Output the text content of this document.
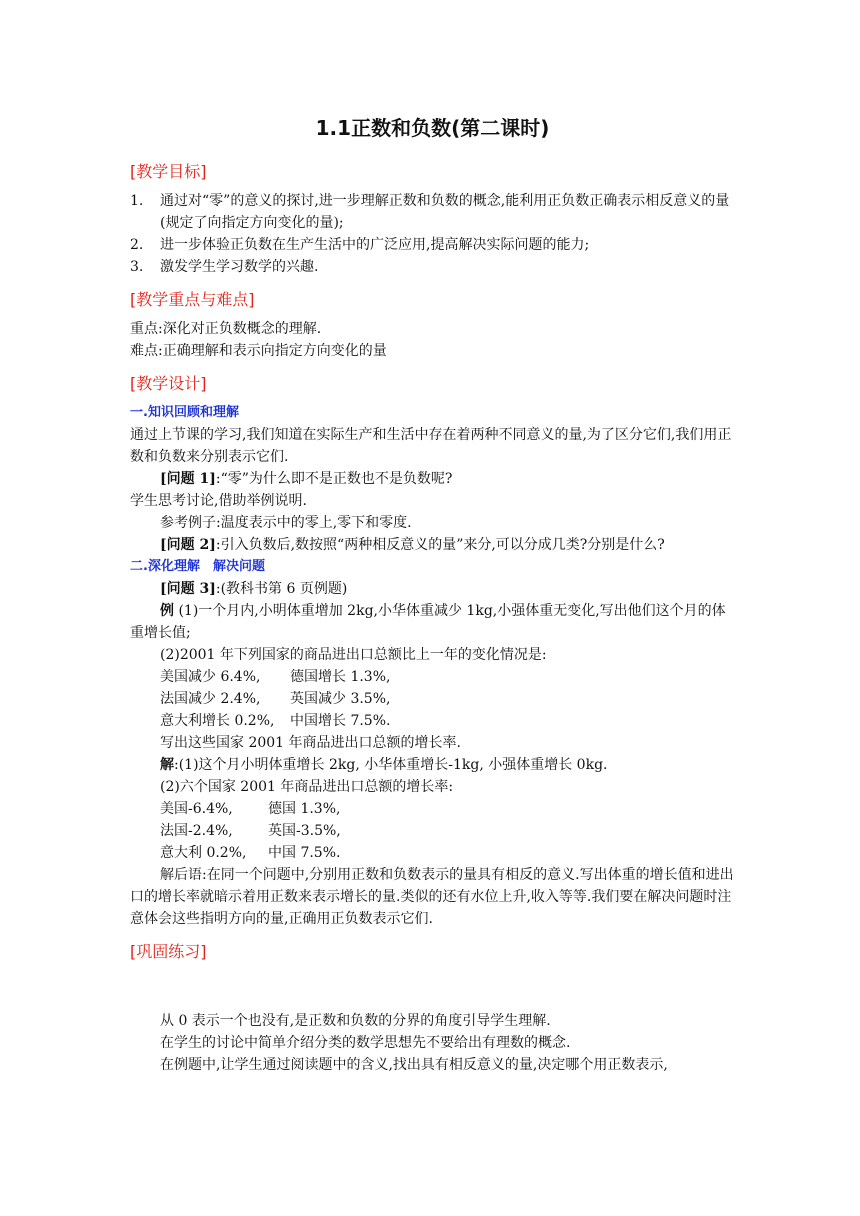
1.1正数和负数(第二课时)
[教学目标]
1. 通过对“零”的意义的探讨,进一步理解正数和负数的概念,能利用正负数正确表示相反意义的量(规定了向指定方向变化的量);
2. 进一步体验正负数在生产生活中的广泛应用,提高解决实际问题的能力;
3. 激发学生学习数学的兴趣.
[教学重点与难点]

重点:深化对正负数概念的理解.

难点:正确理解和表示向指定方向变化的量

[教学设计]

一.知识回顾和理解

通过上节课的学习,我们知道在实际生产和生活中存在着两种不同意义的量,为了区分它们,我们用正数和负数来分别表示它们.

[问题 1]:“零”为什么即不是正数也不是负数呢?

学生思考讨论,借助举例说明.

参考例子:温度表示中的零上,零下和零度.

[问题 2]:引入负数后,数按照“两种相反意义的量”来分,可以分成几类?分别是什么?

二.深化理解　解决问题

[问题 3]:(教科书第 6 页例题)

例 (1)一个月内,小明体重增加 2kg,小华体重减少 1kg,小强体重无变化,写出他们这个月的体重增长值;

(2)2001 年下列国家的商品进出口总额比上一年的变化情况是:

美国减少 6.4%,	德国增长 1.3%,
法国减少 2.4%,	英国减少 3.5%,
意大利增长 0.2%,	中国增长 7.5%.

写出这些国家 2001 年商品进出口总额的增长率.

解:(1)这个月小明体重增长 2kg, 小华体重增长-1kg, 小强体重增长 0kg.

(2)六个国家 2001 年商品进出口总额的增长率:

美国-6.4%,	德国 1.3%,
法国-2.4%,	英国-3.5%,
意大利 0.2%,	中国 7.5%.

解后语:在同一个问题中,分别用正数和负数表示的量具有相反的意义.写出体重的增长值和进出口的增长率就暗示着用正数来表示增长的量.类似的还有水位上升,收入等等.我们要在解决问题时注意体会这些指明方向的量,正确用正负数表示它们.

[巩固练习]

从 0 表示一个也没有,是正数和负数的分界的角度引导学生理解.

在学生的讨论中简单介绍分类的数学思想先不要给出有理数的概念.

在例题中,让学生通过阅读题中的含义,找出具有相反意义的量,决定哪个用正数表示,
